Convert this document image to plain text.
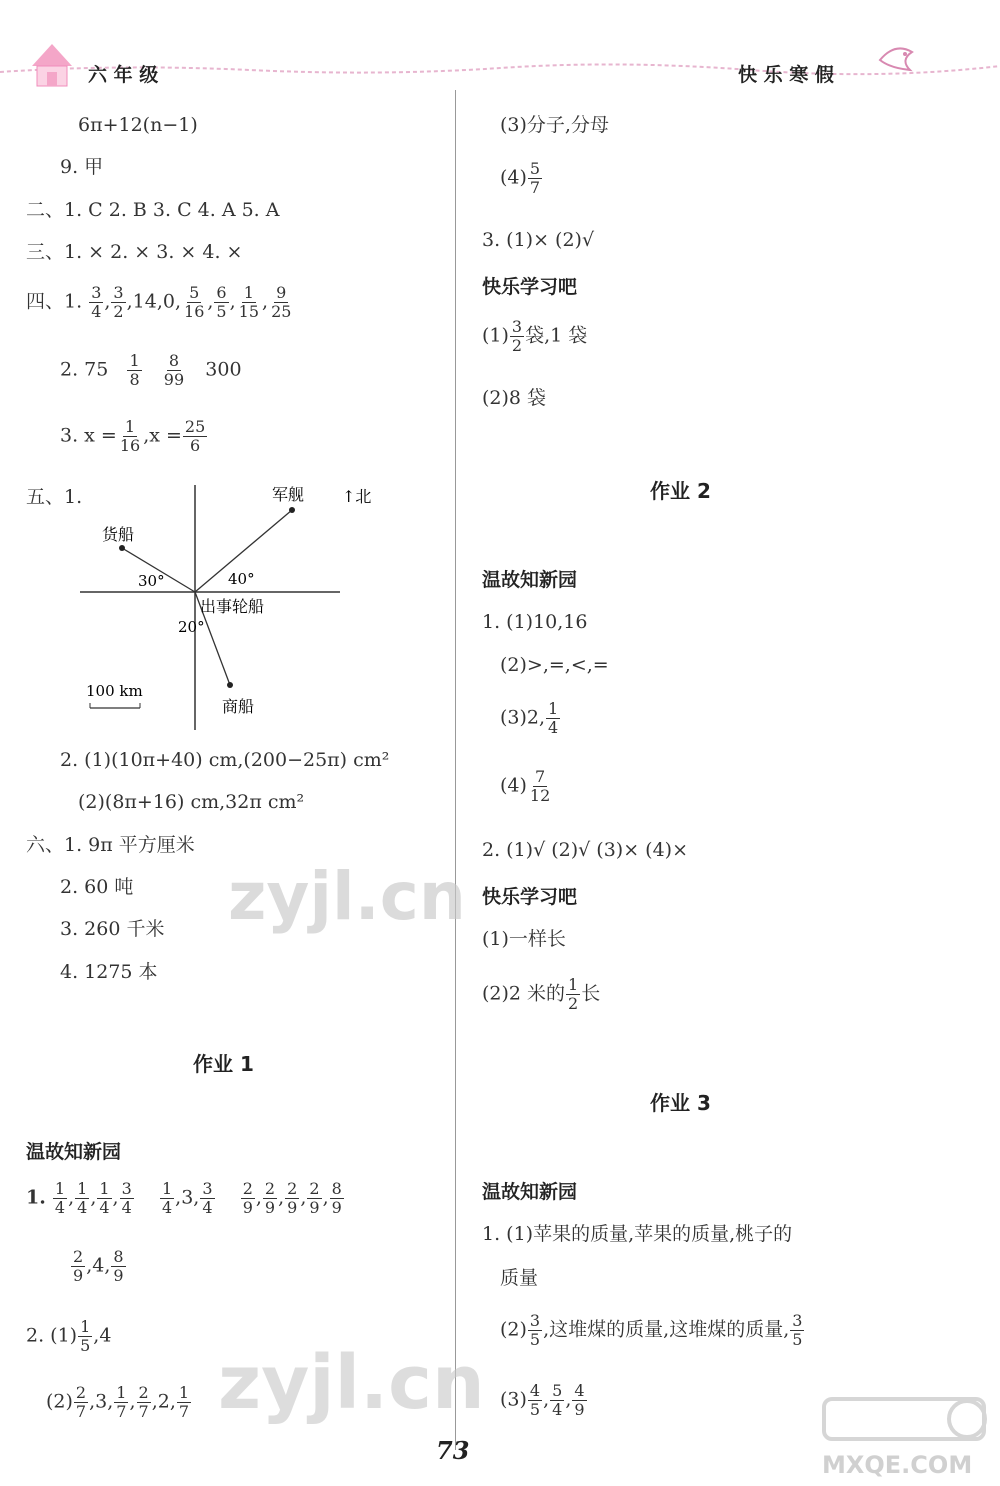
六 年 级	快 乐 寒 假
6π+12(n−1)
9. 甲
二、1. C 2. B 3. C 4. A 5. A
三、1. × 2. × 3. × 4. ×
四、1. $\frac{3}{4}$ , $\frac{3}{2} ,14,0$, $\frac{5}{16}$ , $\frac{6}{5}$ , $\frac{1}{15}$ , $\frac{9}{25}$
2. $75 \frac{1}{8}$
$\frac{8}{99} 300$
3. $x = \frac{1}{16} ,x = \frac{25}{6}$
五、1.	↑北
军舰
货船
出事轮船
商船
30°	40°
20°
100 km
2. (1)(10π+40) cm,(200−25π) cm²
(2)(8π+16) cm,32π cm²
六、1. 9π 平方厘米
2. 60 吨
3. 260 千米
4. 1275 本
作业 1
温故知新园
1. $\frac{1}{4}$ , $\frac{1}{4}$ , $\frac{1}{4}$ , $\frac{3}{4}$
$\frac{1}{4} ,3$, $\frac{3}{4}$
$\frac{2}{9}$ , $\frac{2}{9}$ , $\frac{2}{9}$ , $\frac{2}{9}$ , $\frac{8}{9}$
$\frac{2}{9} ,4$, $\frac{8}{9}$
2. $(1) \frac{1}{5} ,4$
$(2) \frac{2}{7} ,3$, $\frac{1}{7}$ , $\frac{2}{7} ,2$, $\frac{1}{7}$
(3)分子,分母
$(4) \frac{5}{7}$
3. (1)× (2)√
快乐学习吧
$(1) \frac{3}{2}$ 袋,1 袋
(2)8 袋
作业 2
温故知新园
1. (1)10,16
(2)>,=,<,=
(3)2, $\frac{1}{4}$
$(4) \frac{7}{12}$
2. (1)√ (2)√ (3)× (4)×
快乐学习吧
(1)一样长
(2)2 米的 $\frac{1}{2}$ 长
作业 3
温故知新园
1. (1)苹果的质量,苹果的质量,桃子的
质量
$(2) \frac{3}{5}$ ,这堆煤的质量,这堆煤的质量, $\frac{3}{5}$
$(3) \frac{4}{5}$ , $\frac{5}{4}$ , $\frac{4}{9}$
73
zyjl.cn
zyjl.cn
MXQE.COM
